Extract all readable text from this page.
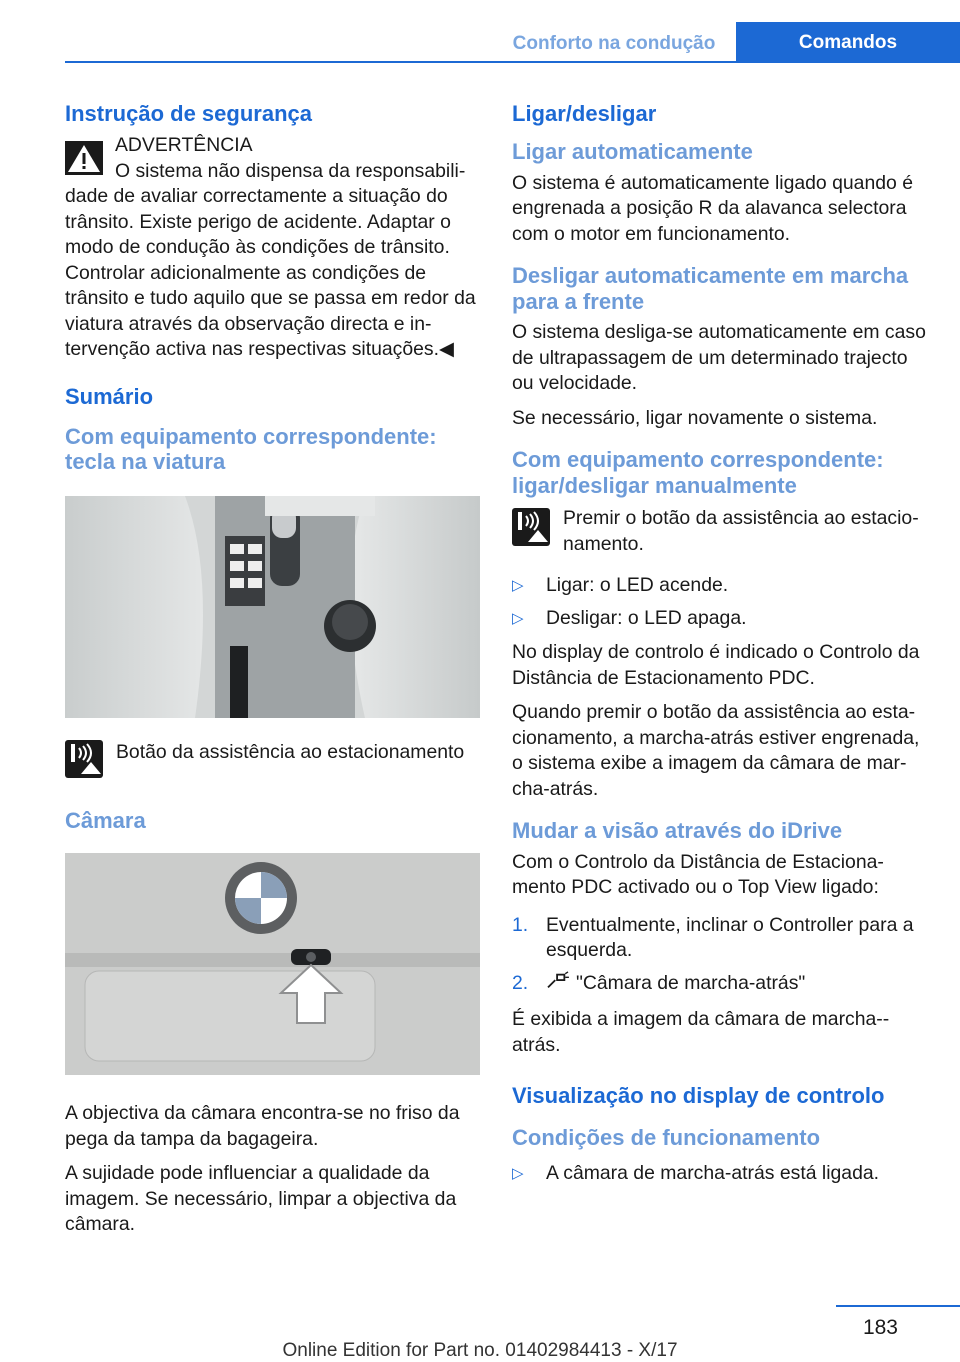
Conforto na condução	Comandos
Instrução de segurança

ADVERTÊNCIA

O sistema não dispensa da responsabili-dade de avaliar correctamente a situação do trânsito. Existe perigo de acidente. Adaptar o modo de condução às condições de trânsito. Controlar adicionalmente as condições de trânsito e tudo aquilo que se passa em redor da viatura através da observação directa e in-tervenção activa nas respectivas situações.◀

Sumário
Com equipamento correspondente: tecla na viatura

Botão da assistência ao estacionamento

Câmara

A objectiva da câmara encontra-se no friso da pega da tampa da bagageira.

A sujidade pode influenciar a qualidade da imagem. Se necessário, limpar a objectiva da câmara.

Ligar/desligar
Ligar automaticamente

O sistema é automaticamente ligado quando é engrenada a posição R da alavanca selectora com o motor em funcionamento.

Desligar automaticamente em marcha para a frente

O sistema desliga-se automaticamente em caso de ultrapassagem de um determinado trajecto ou velocidade.

Se necessário, ligar novamente o sistema.

Com equipamento correspondente: ligar/desligar manualmente

Premir o botão da assistência ao estacio-namento.

▷	Ligar: o LED acende.
▷	Desligar: o LED apaga.

No display de controlo é indicado o Controlo da Distância de Estacionamento PDC.

Quando premir o botão da assistência ao esta-cionamento, a marcha-atrás estiver engrenada, o sistema exibe a imagem da câmara de mar-cha-atrás.

Mudar a visão através do iDrive

Com o Controlo da Distância de Estaciona-mento PDC activado ou o Top View ligado:

1. Eventualmente, inclinar o Controller para a esquerda.
2.	"Câmara de marcha-atrás"

É exibida a imagem da câmara de marcha--atrás.

Visualização no display de controlo
Condições de funcionamento
▷	A câmara de marcha-atrás está ligada.
183
Online Edition for Part no. 01402984413 - X/17
